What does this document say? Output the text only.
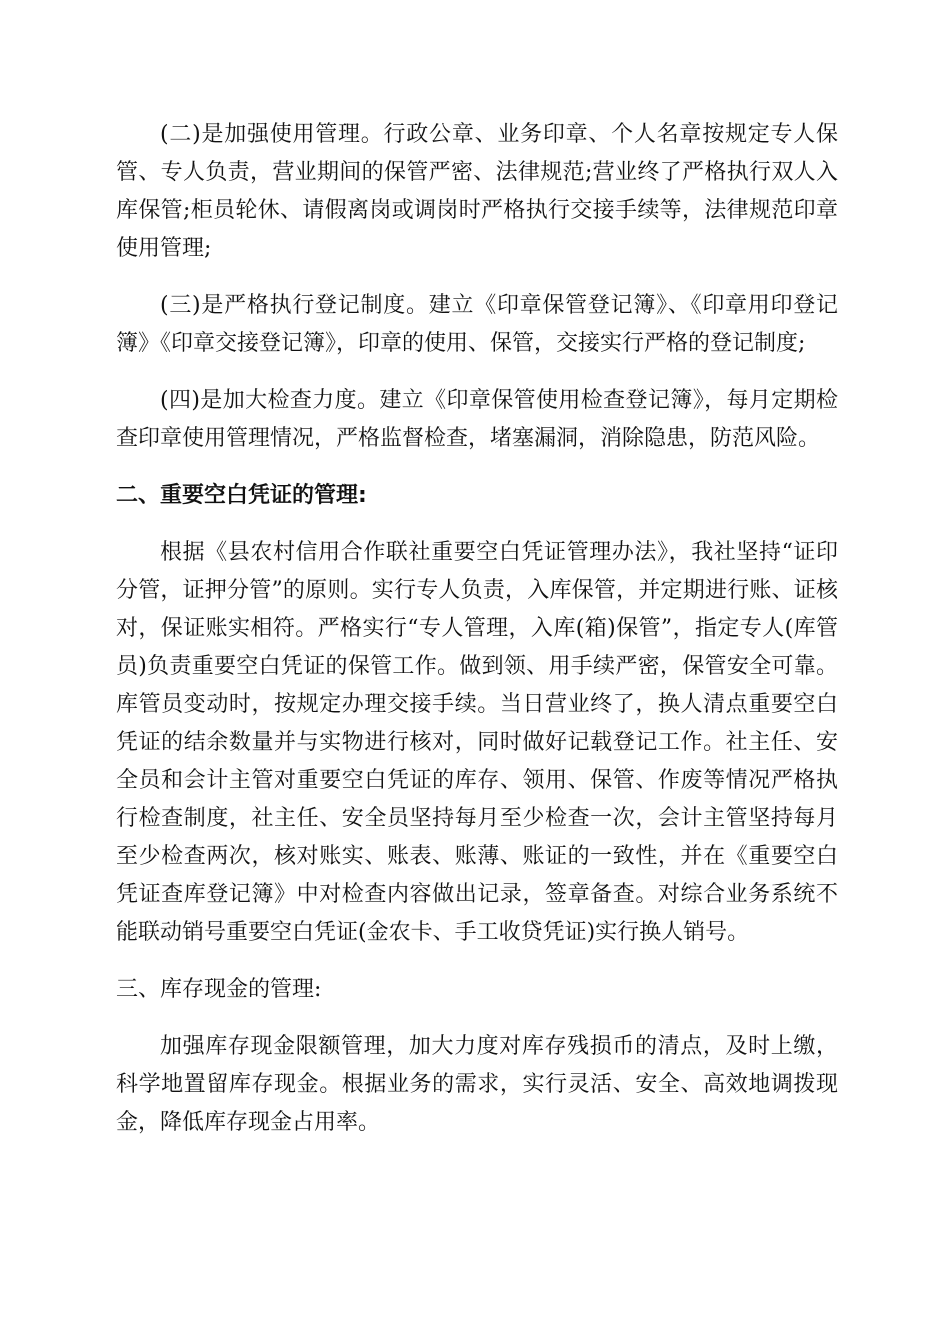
(二)是加强使用管理。行政公章、业务印章、个人名章按规定专人保管、专人负责，营业期间的保管严密、法律规范;营业终了严格执行双人入库保管;柜员轮休、请假离岗或调岗时严格执行交接手续等，法律规范印章使用管理;

(三)是严格执行登记制度。建立《印章保管登记簿》、《印章用印登记簿》《印章交接登记簿》，印章的使用、保管，交接实行严格的登记制度;

(四)是加大检查力度。建立《印章保管使用检查登记簿》，每月定期检查印章使用管理情况，严格监督检查，堵塞漏洞，消除隐患，防范风险。

二、重要空白凭证的管理:

根据《县农村信用合作联社重要空白凭证管理办法》，我社坚持“证印分管，证押分管”的原则。实行专人负责，入库保管，并定期进行账、证核对，保证账实相符。严格实行“专人管理，入库(箱)保管”，指定专人(库管员)负责重要空白凭证的保管工作。做到领、用手续严密，保管安全可靠。库管员变动时，按规定办理交接手续。当日营业终了，换人清点重要空白凭证的结余数量并与实物进行核对，同时做好记载登记工作。社主任、安全员和会计主管对重要空白凭证的库存、领用、保管、作废等情况严格执行检查制度，社主任、安全员坚持每月至少检查一次，会计主管坚持每月至少检查两次，核对账实、账表、账薄、账证的一致性，并在《重要空白凭证查库登记簿》中对检查内容做出记录，签章备查。对综合业务系统不能联动销号重要空白凭证(金农卡、手工收贷凭证)实行换人销号。

三、库存现金的管理:

加强库存现金限额管理，加大力度对库存残损币的清点，及时上缴，科学地置留库存现金。根据业务的需求，实行灵活、安全、高效地调拨现金，降低库存现金占用率。
